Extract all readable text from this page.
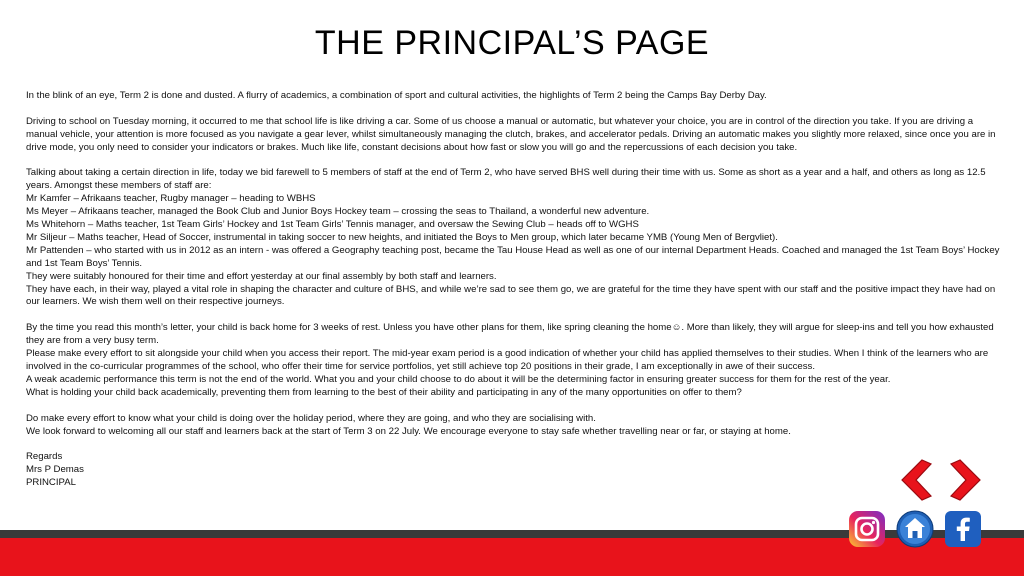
THE PRINCIPAL’S PAGE

In the blink of an eye, Term 2 is done and dusted. A flurry of academics, a combination of sport and cultural activities, the highlights of Term 2 being the Camps Bay Derby Day.

Driving to school on Tuesday morning, it occurred to me that school life is like driving a car. Some of us choose a manual or automatic, but whatever your choice, you are in control of the direction you take. If you are driving a manual vehicle, your attention is more focused as you navigate a gear lever, whilst simultaneously managing the clutch, brakes, and accelerator pedals. Driving an automatic makes you slightly more relaxed, since once you are in drive mode, you only need to consider your indicators or brakes. Much like life, constant decisions about how fast or slow you will go and the repercussions of each decision you take.

Talking about taking a certain direction in life, today we bid farewell to 5 members of staff at the end of Term 2, who have served BHS well during their time with us. Some as short as a year and a half, and others as long as 12.5 years. Amongst these members of staff are:

Mr Kamfer – Afrikaans teacher, Rugby manager – heading to WBHS

Ms Meyer – Afrikaans teacher, managed the Book Club and Junior Boys Hockey team – crossing the seas to Thailand, a wonderful new adventure.

Ms Whitehorn – Maths teacher, 1st Team Girls’ Hockey and 1st Team Girls’ Tennis manager, and oversaw the Sewing Club – heads off to WGHS

Mr Siljeur – Maths teacher, Head of Soccer, instrumental in taking soccer to new heights, and initiated the Boys to Men group, which later became YMB (Young Men of Bergvliet).

Mr Pattenden – who started with us in 2012 as an intern - was offered a Geography teaching post, became the Tau House Head as well as one of our internal Department Heads. Coached and managed the 1st Team Boys’ Hockey and 1st Team Boys’ Tennis.

They were suitably honoured for their time and effort yesterday at our final assembly by both staff and learners.

They have each, in their way, played a vital role in shaping the character and culture of BHS, and while we’re sad to see them go, we are grateful for the time they have spent with our staff and the positive impact they have had on our learners. We wish them well on their respective journeys.

By the time you read this month’s letter, your child is back home for 3 weeks of rest. Unless you have other plans for them, like spring cleaning the home☺. More than likely, they will argue for sleep-ins and tell you how exhausted they are from a very busy term.

Please make every effort to sit alongside your child when you access their report. The mid-year exam period is a good indication of whether your child has applied themselves to their studies. When I think of the learners who are involved in the co-curricular programmes of the school, who offer their time for service portfolios, yet still achieve top 20 positions in their grade, I am exceptionally in awe of their success.

A weak academic performance this term is not the end of the world. What you and your child choose to do about it will be the determining factor in ensuring greater success for them for the rest of the year.

What is holding your child back academically, preventing them from learning to the best of their ability and participating in any of the many opportunities on offer to them?

Do make every effort to know what your child is doing over the holiday period, where they are going, and who they are socialising with.

We look forward to welcoming all our staff and learners back at the start of Term 3 on 22 July. We encourage everyone to stay safe whether travelling near or far, or staying at home.

Regards

Mrs P Demas

PRINCIPAL
